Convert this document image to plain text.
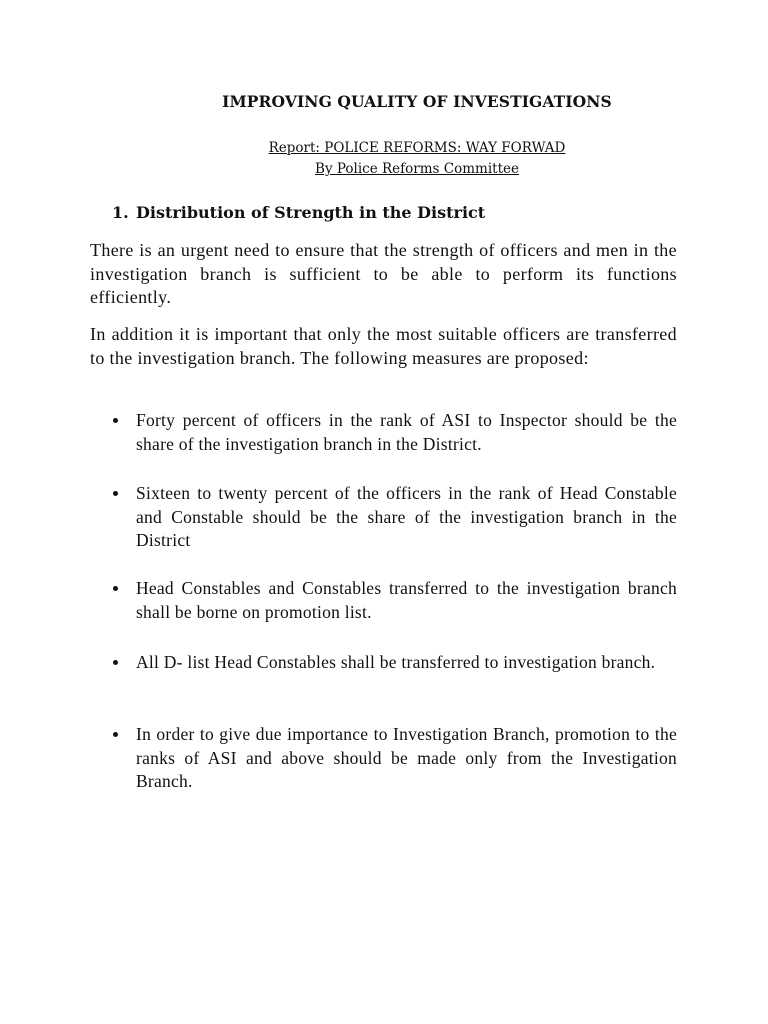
IMPROVING QUALITY OF INVESTIGATIONS
Report: POLICE REFORMS: WAY FORWAD
By Police Reforms Committee
1. Distribution of Strength in the District

There is an urgent need to ensure that the strength of officers and men in the investigation branch is sufficient to be able to perform its functions efficiently.

In addition it is important that only the most suitable officers are transferred to the investigation branch. The following measures are proposed:

Forty percent of officers in the rank of ASI to Inspector should be the share of the investigation branch in the District.
Sixteen to twenty percent of the officers in the rank of Head Constable and Constable should be the share of the investigation branch in the District
Head Constables and Constables transferred to the investigation branch shall be borne on promotion list.
All D- list Head Constables shall be transferred to investigation branch.
In order to give due importance to Investigation Branch, promotion to the ranks of ASI and above should be made only from the Investigation Branch.
